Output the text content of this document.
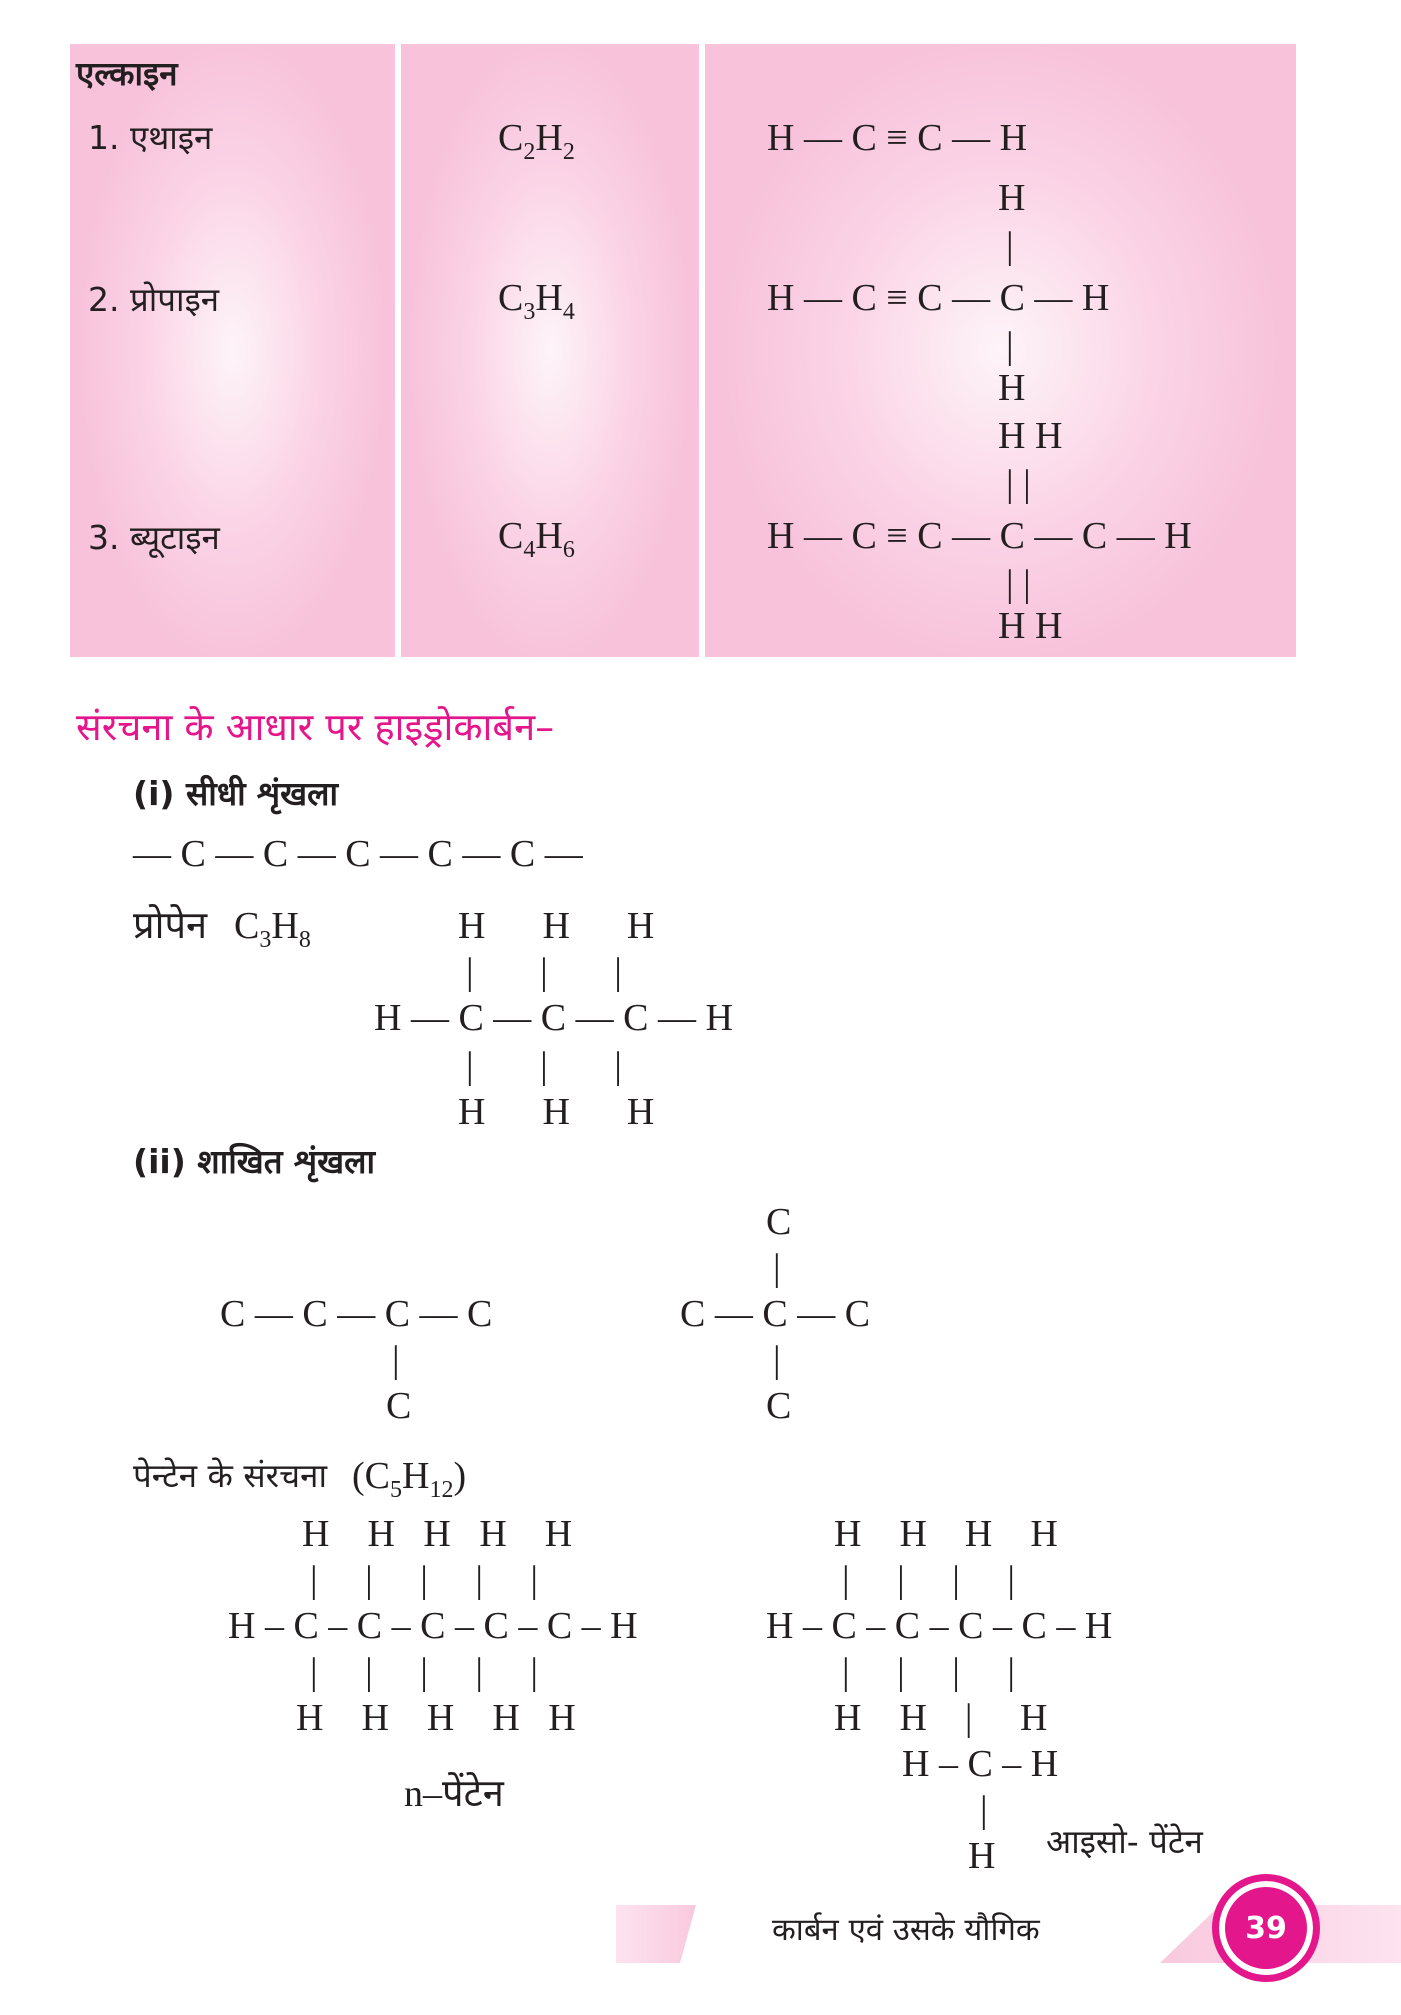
एल्काइन
1. एथाइन	$C_2H_2$	H — C ≡ C — H
2. प्रोपाइन	$C_3H_4$
H
|
H — C ≡ C — C — H
|
H
3. ब्यूटाइन	$C_4H_6$
H H
| |
H — C ≡ C — C — C — H
| |
H H
संरचना के आधार पर हाइड्रोकार्बन–
(i) सीधी शृंखला
— C — C — C — C — C —
प्रोपेन $C_3H_8$	H      H      H
|       |       |
H — C — C — C — H
|       |       |
H      H      H
(ii) शाखित शृंखला
C — C — C — C
|
C
C
|
C — C — C
|
C
पेन्टेन के संरचना $(C_5H_{12})$
H    H   H   H    H
|     |     |     |     |
H – C – C – C – C – C – H
|     |     |     |     |
H    H    H    H   H
n–पेंटेन
H    H    H    H
|     |     |     |
H – C – C – C – C – H
|     |     |     |
H    H    |     H
H – C – H
|
H आइसो- पेंटेन
कार्बन एवं उसके यौगिक	39
